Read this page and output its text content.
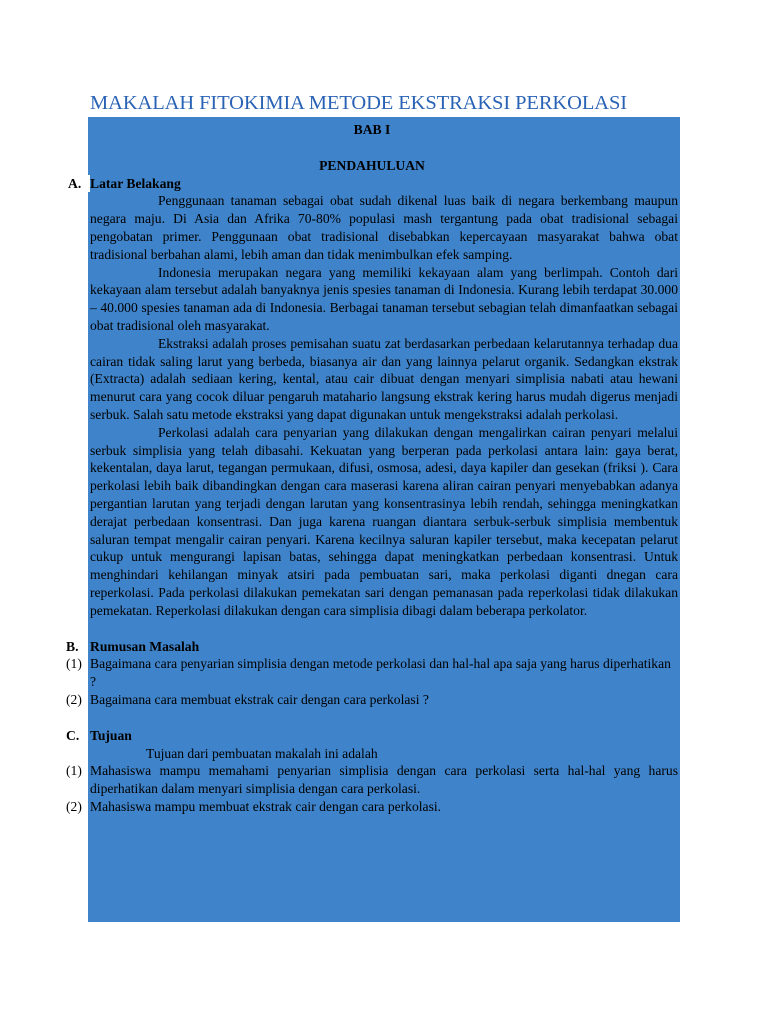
MAKALAH FITOKIMIA METODE EKSTRAKSI PERKOLASI

BAB I

PENDAHULUAN

A. Latar Belakang

Penggunaan tanaman sebagai obat sudah dikenal luas baik di negara berkembang maupun negara maju. Di Asia dan Afrika 70-80% populasi mash tergantung pada obat tradisional sebagai pengobatan primer. Penggunaan obat tradisional disebabkan kepercayaan masyarakat bahwa obat tradisional berbahan alami, lebih aman dan tidak menimbulkan efek samping.

Indonesia merupakan negara yang memiliki kekayaan alam yang berlimpah. Contoh dari kekayaan alam tersebut adalah banyaknya jenis spesies tanaman di Indonesia. Kurang lebih terdapat 30.000 – 40.000 spesies tanaman ada di Indonesia. Berbagai tanaman tersebut sebagian telah dimanfaatkan sebagai obat tradisional oleh masyarakat.

Ekstraksi adalah proses pemisahan suatu zat berdasarkan perbedaan kelarutannya terhadap dua cairan tidak saling larut yang berbeda, biasanya air dan yang lainnya pelarut organik. Sedangkan ekstrak (Extracta) adalah sediaan kering, kental, atau cair dibuat dengan menyari simplisia nabati atau hewani menurut cara yang cocok diluar pengaruh matahario langsung ekstrak kering harus mudah digerus menjadi serbuk. Salah satu metode ekstraksi yang dapat digunakan untuk mengekstraksi adalah perkolasi.

Perkolasi adalah cara penyarian yang dilakukan dengan mengalirkan cairan penyari melalui serbuk simplisia yang telah dibasahi. Kekuatan yang berperan pada perkolasi antara lain: gaya berat, kekentalan, daya larut, tegangan permukaan, difusi, osmosa, adesi, daya kapiler dan gesekan (friksi ). Cara perkolasi lebih baik dibandingkan dengan cara maserasi karena aliran cairan penyari menyebabkan adanya pergantian larutan yang terjadi dengan larutan yang konsentrasinya lebih rendah, sehingga meningkatkan derajat perbedaan konsentrasi. Dan juga karena ruangan diantara serbuk-serbuk simplisia membentuk saluran tempat mengalir cairan penyari. Karena kecilnya saluran kapiler tersebut, maka kecepatan pelarut cukup untuk mengurangi lapisan batas, sehingga dapat meningkatkan perbedaan konsentrasi. Untuk menghindari kehilangan minyak atsiri pada pembuatan sari, maka perkolasi diganti dnegan cara reperkolasi. Pada perkolasi dilakukan pemekatan sari dengan pemanasan pada reperkolasi tidak dilakukan pemekatan. Reperkolasi dilakukan dengan cara simplisia dibagi dalam beberapa perkolator.

B. Rumusan Masalah
(1) Bagaimana cara penyarian simplisia dengan metode perkolasi dan hal-hal apa saja yang harus diperhatikan ?
(2) Bagaimana cara membuat ekstrak cair dengan cara perkolasi ?
C. Tujuan

Tujuan dari pembuatan makalah ini adalah

(1) Mahasiswa mampu memahami penyarian simplisia dengan cara perkolasi serta hal-hal yang harus diperhatikan dalam menyari simplisia dengan cara perkolasi.
(2) Mahasiswa mampu membuat ekstrak cair dengan cara perkolasi.
